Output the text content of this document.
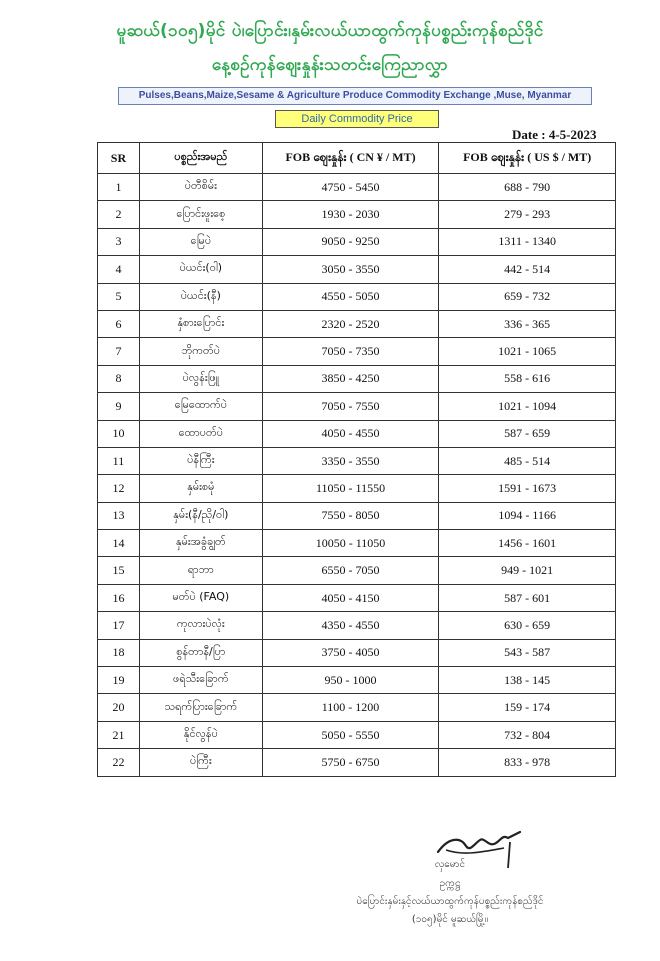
မူဆယ်(၁၀၅)မိုင် ပဲ၊ပြောင်း၊နှမ်းလယ်ယာထွက်ကုန်ပစ္စည်းကုန်စည်ဒိုင်
နေ့စဉ်ကုန်ဈေးနှုန်းသတင်းကြေညာလွှာ
Pulses,Beans,Maize,Sesame & Agriculture Produce Commodity Exchange ,Muse, Myanmar
Daily Commodity Price
Date : 4-5-2023
SR	ပစ္စည်းအမည်	FOB ဈေးနှုန်း ( CN ¥ / MT)	FOB ဈေးနှုန်း ( US $ / MT)
1	ပဲတီစိမ်း	4750 - 5450	688 - 790
2	ပြောင်းဖူးစေ့	1930 - 2030	279 - 293
3	မြေပဲ	9050 - 9250	1311 - 1340
4	ပဲယင်း(ဝါ)	3050 - 3550	442 - 514
5	ပဲယင်း(နီ)	4550 - 5050	659 - 732
6	နှံစားပြောင်း	2320 - 2520	336 - 365
7	ဘိုကတ်ပဲ	7050 - 7350	1021 - 1065
8	ပဲလွန်းဖြူ	3850 - 4250	558 - 616
9	မြေထောက်ပဲ	7050 - 7550	1021 - 1094
10	ထောပတ်ပဲ	4050 - 4550	587 - 659
11	ပဲနီကြီး	3350 - 3550	485 - 514
12	နှမ်းစမုံ	11050 - 11550	1591 - 1673
13	နှမ်း(နီ/ညို/ဝါ)	7550 - 8050	1094 - 1166
14	နှမ်းအခွံချွတ်	10050 - 11050	1456 - 1601
15	ရာဘာ	6550 - 7050	949 - 1021
16	မတ်ပဲ (FAQ)	4050 - 4150	587 - 601
17	ကုလားပဲလုံး	4350 - 4550	630 - 659
18	စွန်တာနီ/ပြာ	3750 - 4050	543 - 587
19	ဖရဲသီးခြောက်	950 - 1000	138 - 145
20	သရက်ပြားခြောက်	1100 - 1200	159 - 174
21	နိုင်လွန်ပဲ	5050 - 5550	732 - 804
22	ပဲကြီး	5750 - 6750	833 - 978
လှမောင်
ဥက္ကဋ္ဌ
ပဲပြောင်းနှမ်းနှင့်လယ်ယာထွက်ကုန်ပစ္စည်းကုန်စည်ဒိုင်
(၁၀၅)မိုင် မူဆယ်မြို့။
